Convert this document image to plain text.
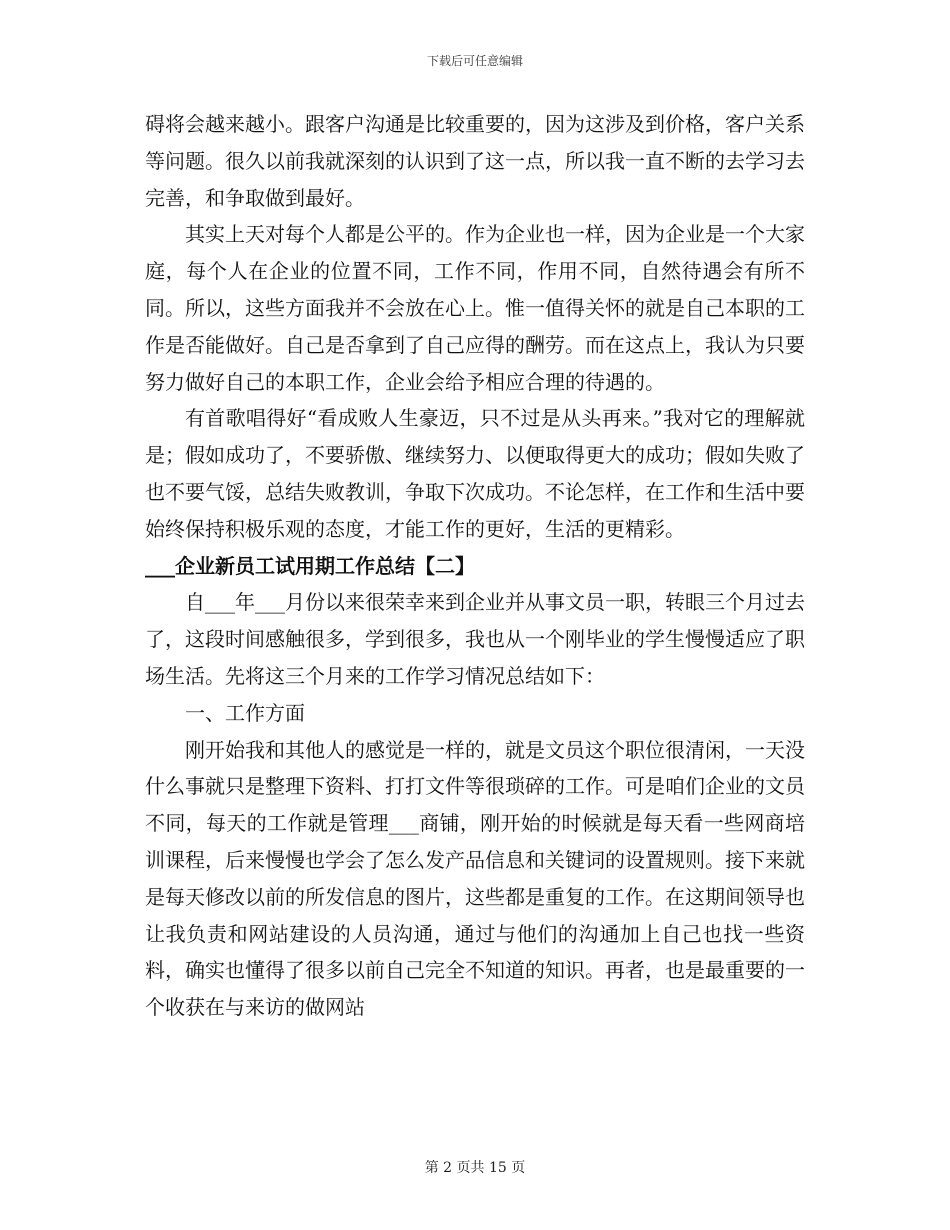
下载后可任意编辑

碍将会越来越小。跟客户沟通是比较重要的，因为这涉及到价格，客户关系等问题。很久以前我就深刻的认识到了这一点，所以我一直不断的去学习去完善，和争取做到最好。

其实上天对每个人都是公平的。作为企业也一样，因为企业是一个大家庭，每个人在企业的位置不同，工作不同，作用不同，自然待遇会有所不同。所以，这些方面我并不会放在心上。惟一值得关怀的就是自己本职的工作是否能做好。自己是否拿到了自己应得的酬劳。而在这点上，我认为只要努力做好自己的本职工作，企业会给予相应合理的待遇的。

有首歌唱得好“看成败人生豪迈，只不过是从头再来。”我对它的理解就是；假如成功了，不要骄傲、继续努力、以便取得更大的成功；假如失败了也不要气馁，总结失败教训，争取下次成功。不论怎样，在工作和生活中要始终保持积极乐观的态度，才能工作的更好，生活的更精彩。

___企业新员工试用期工作总结【二】

自___年___月份以来很荣幸来到企业并从事文员一职，转眼三个月过去了，这段时间感触很多，学到很多，我也从一个刚毕业的学生慢慢适应了职场生活。先将这三个月来的工作学习情况总结如下：

一、工作方面

刚开始我和其他人的感觉是一样的，就是文员这个职位很清闲，一天没什么事就只是整理下资料、打打文件等很琐碎的工作。可是咱们企业的文员不同，每天的工作就是管理___商铺，刚开始的时候就是每天看一些网商培训课程，后来慢慢也学会了怎么发产品信息和关键词的设置规则。接下来就是每天修改以前的所发信息的图片，这些都是重复的工作。在这期间领导也让我负责和网站建设的人员沟通，通过与他们的沟通加上自己也找一些资料，确实也懂得了很多以前自己完全不知道的知识。再者，也是最重要的一个收获在与来访的做网站

第 2 页共 15 页
